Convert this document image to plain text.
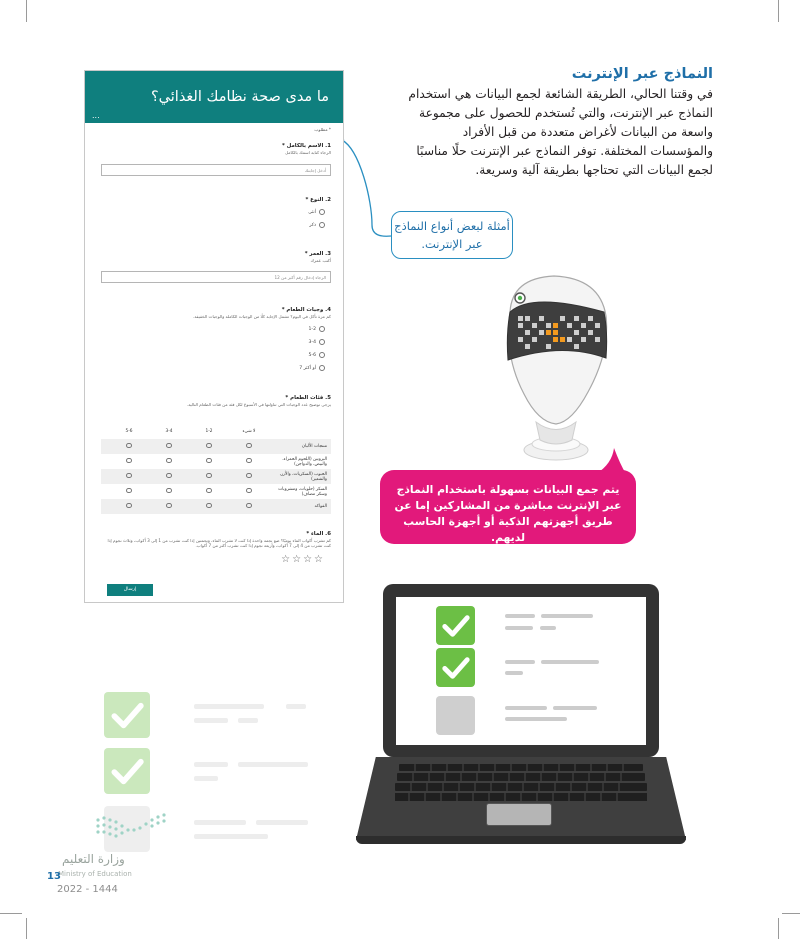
النماذج عبر الإنترنت
في وقتنا الحالي، الطريقة الشائعة لجمع البيانات هي استخدام النماذج عبر الإنترنت، والتي تُستخدم للحصول على مجموعة واسعة من البيانات لأغراض متعددة من قبل الأفراد والمؤسسات المختلفة. توفر النماذج عبر الإنترنت حلًا مناسبًا لجمع البيانات التي تحتاجها بطريقة آلية وسريعة.
أمثلة لبعض أنواع النماذج عبر الإنترنت.
يتم جمع البيانات بسهولة باستخدام النماذج عبر الإنترنت مباشرة من المشاركين إما عن طريق أجهزتهم الذكية أو أجهزة الحاسب لديهم.
ما مدى صحة نظامك الغذائي؟
...
* مطلوب
1. الاسم بالكامل *
الرجاء كتابة اسمك بالكامل
أدخل إجابتك
2. النوع *
أنثى
ذكر
3. العمر *
أكتب عمرك
الرجاء إدخال رقم أكبر من 12
4. وجبات الطعام *
كم مرة تأكل في اليوم؟ تشمل الإجابة كلًا من الوجبات الكاملة والوجبات الخفيفة.
1-2
3-4
5-6
أو أكثر 7
5. فئات الطعام *
يرجى توضيح عدد الوجبات التي تناولتها في الأسبوع لكل فئة من فئات الطعام التالية.
لا شيء
1-2
3-4
5-6
منتجات الألبان
البروتين (اللحوم الحمراء، والبيض، والدواجن)
الحبوب (السكريات، والأرز، والشعير)
السكر (حلويات، ومشروبات وسكر مضاف)
الفواكه
6. الماء *
كم تشرب أكواب الماء يوميًا؟ ضع نجمة واحدة إذا كنت لا تشرب الماء، ونجمتين إذا كنت تشرب من 1 إلى 3 أكواب، وثلاث نجوم إذا كنت تشرب من 4 إلى 7 أكواب، وأربعة نجوم إذا كنت تشرب أكثر من 7 أكواب.
☆☆☆☆
إرسال
وزارة التعليم
Ministry of Education
13
2022 - 1444
